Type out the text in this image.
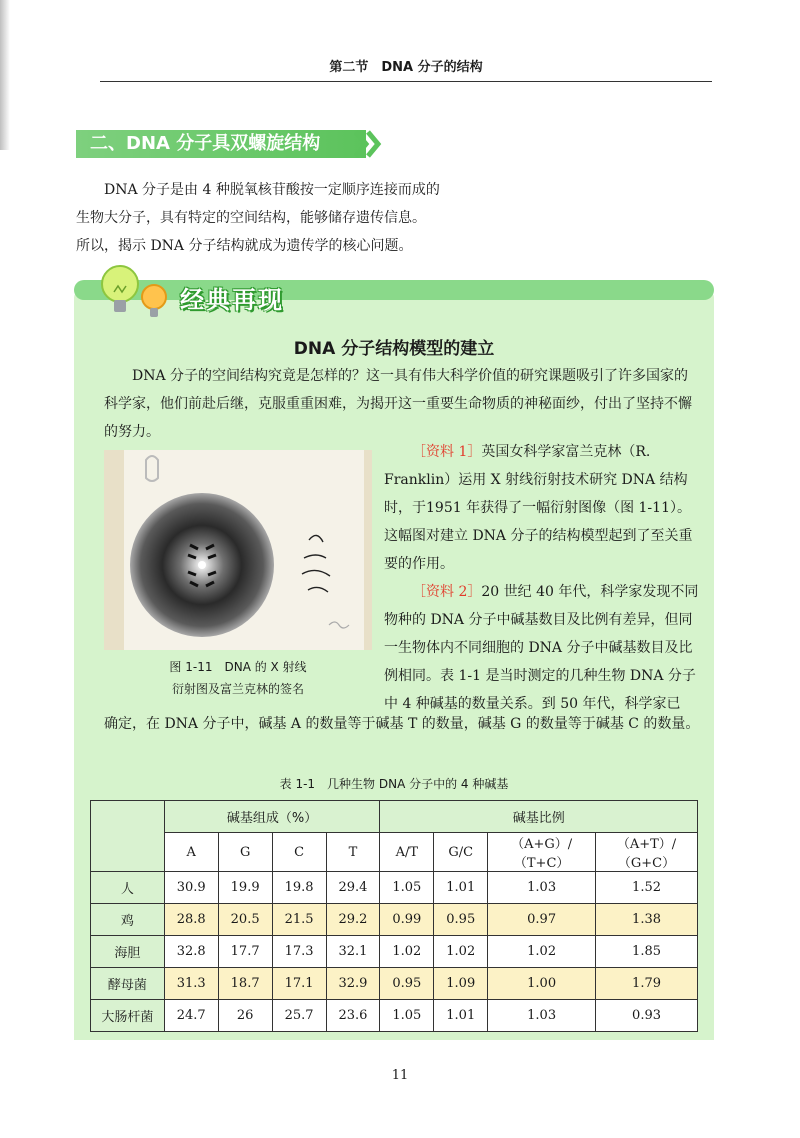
第二节　DNA 分子的结构
二、DNA 分子具双螺旋结构

DNA 分子是由 4 种脱氧核苷酸按一定顺序连接而成的

生物大分子，具有特定的空间结构，能够储存遗传信息。

所以，揭示 DNA 分子结构就成为遗传学的核心问题。

经典再现
DNA 分子结构模型的建立

DNA 分子的空间结构究竟是怎样的？这一具有伟大科学价值的研究课题吸引了许多国家的科学家，他们前赴后继，克服重重困难，为揭开这一重要生命物质的神秘面纱，付出了坚持不懈的努力。

图 1-11　DNA 的 X 射线
衍射图及富兰克林的签名

［资料 1］英国女科学家富兰克林（R. Franklin）运用 X 射线衍射技术研究 DNA 结构时，于1951 年获得了一幅衍射图像（图 1-11）。这幅图对建立 DNA 分子的结构模型起到了至关重要的作用。

［资料 2］20 世纪 40 年代，科学家发现不同物种的 DNA 分子中碱基数目及比例有差异，但同一生物体内不同细胞的 DNA 分子中碱基数目及比例相同。表 1-1 是当时测定的几种生物 DNA 分子中 4 种碱基的数量关系。到 50 年代，科学家已

确定，在 DNA 分子中，碱基 A 的数量等于碱基 T 的数量，碱基 G 的数量等于碱基 C 的数量。

表 1-1　几种生物 DNA 分子中的 4 种碱基
	碱基组成（%）				碱基比例			
	A	G	C	T	A/T	G/C	（A+G）/（T+C）	（A+T）/（G+C）
人	30.9	19.9	19.8	29.4	1.05	1.01	1.03	1.52
鸡	28.8	20.5	21.5	29.2	0.99	0.95	0.97	1.38
海胆	32.8	17.7	17.3	32.1	1.02	1.02	1.02	1.85
酵母菌	31.3	18.7	17.1	32.9	0.95	1.09	1.00	1.79
大肠杆菌	24.7	26	25.7	23.6	1.05	1.01	1.03	0.93
11
